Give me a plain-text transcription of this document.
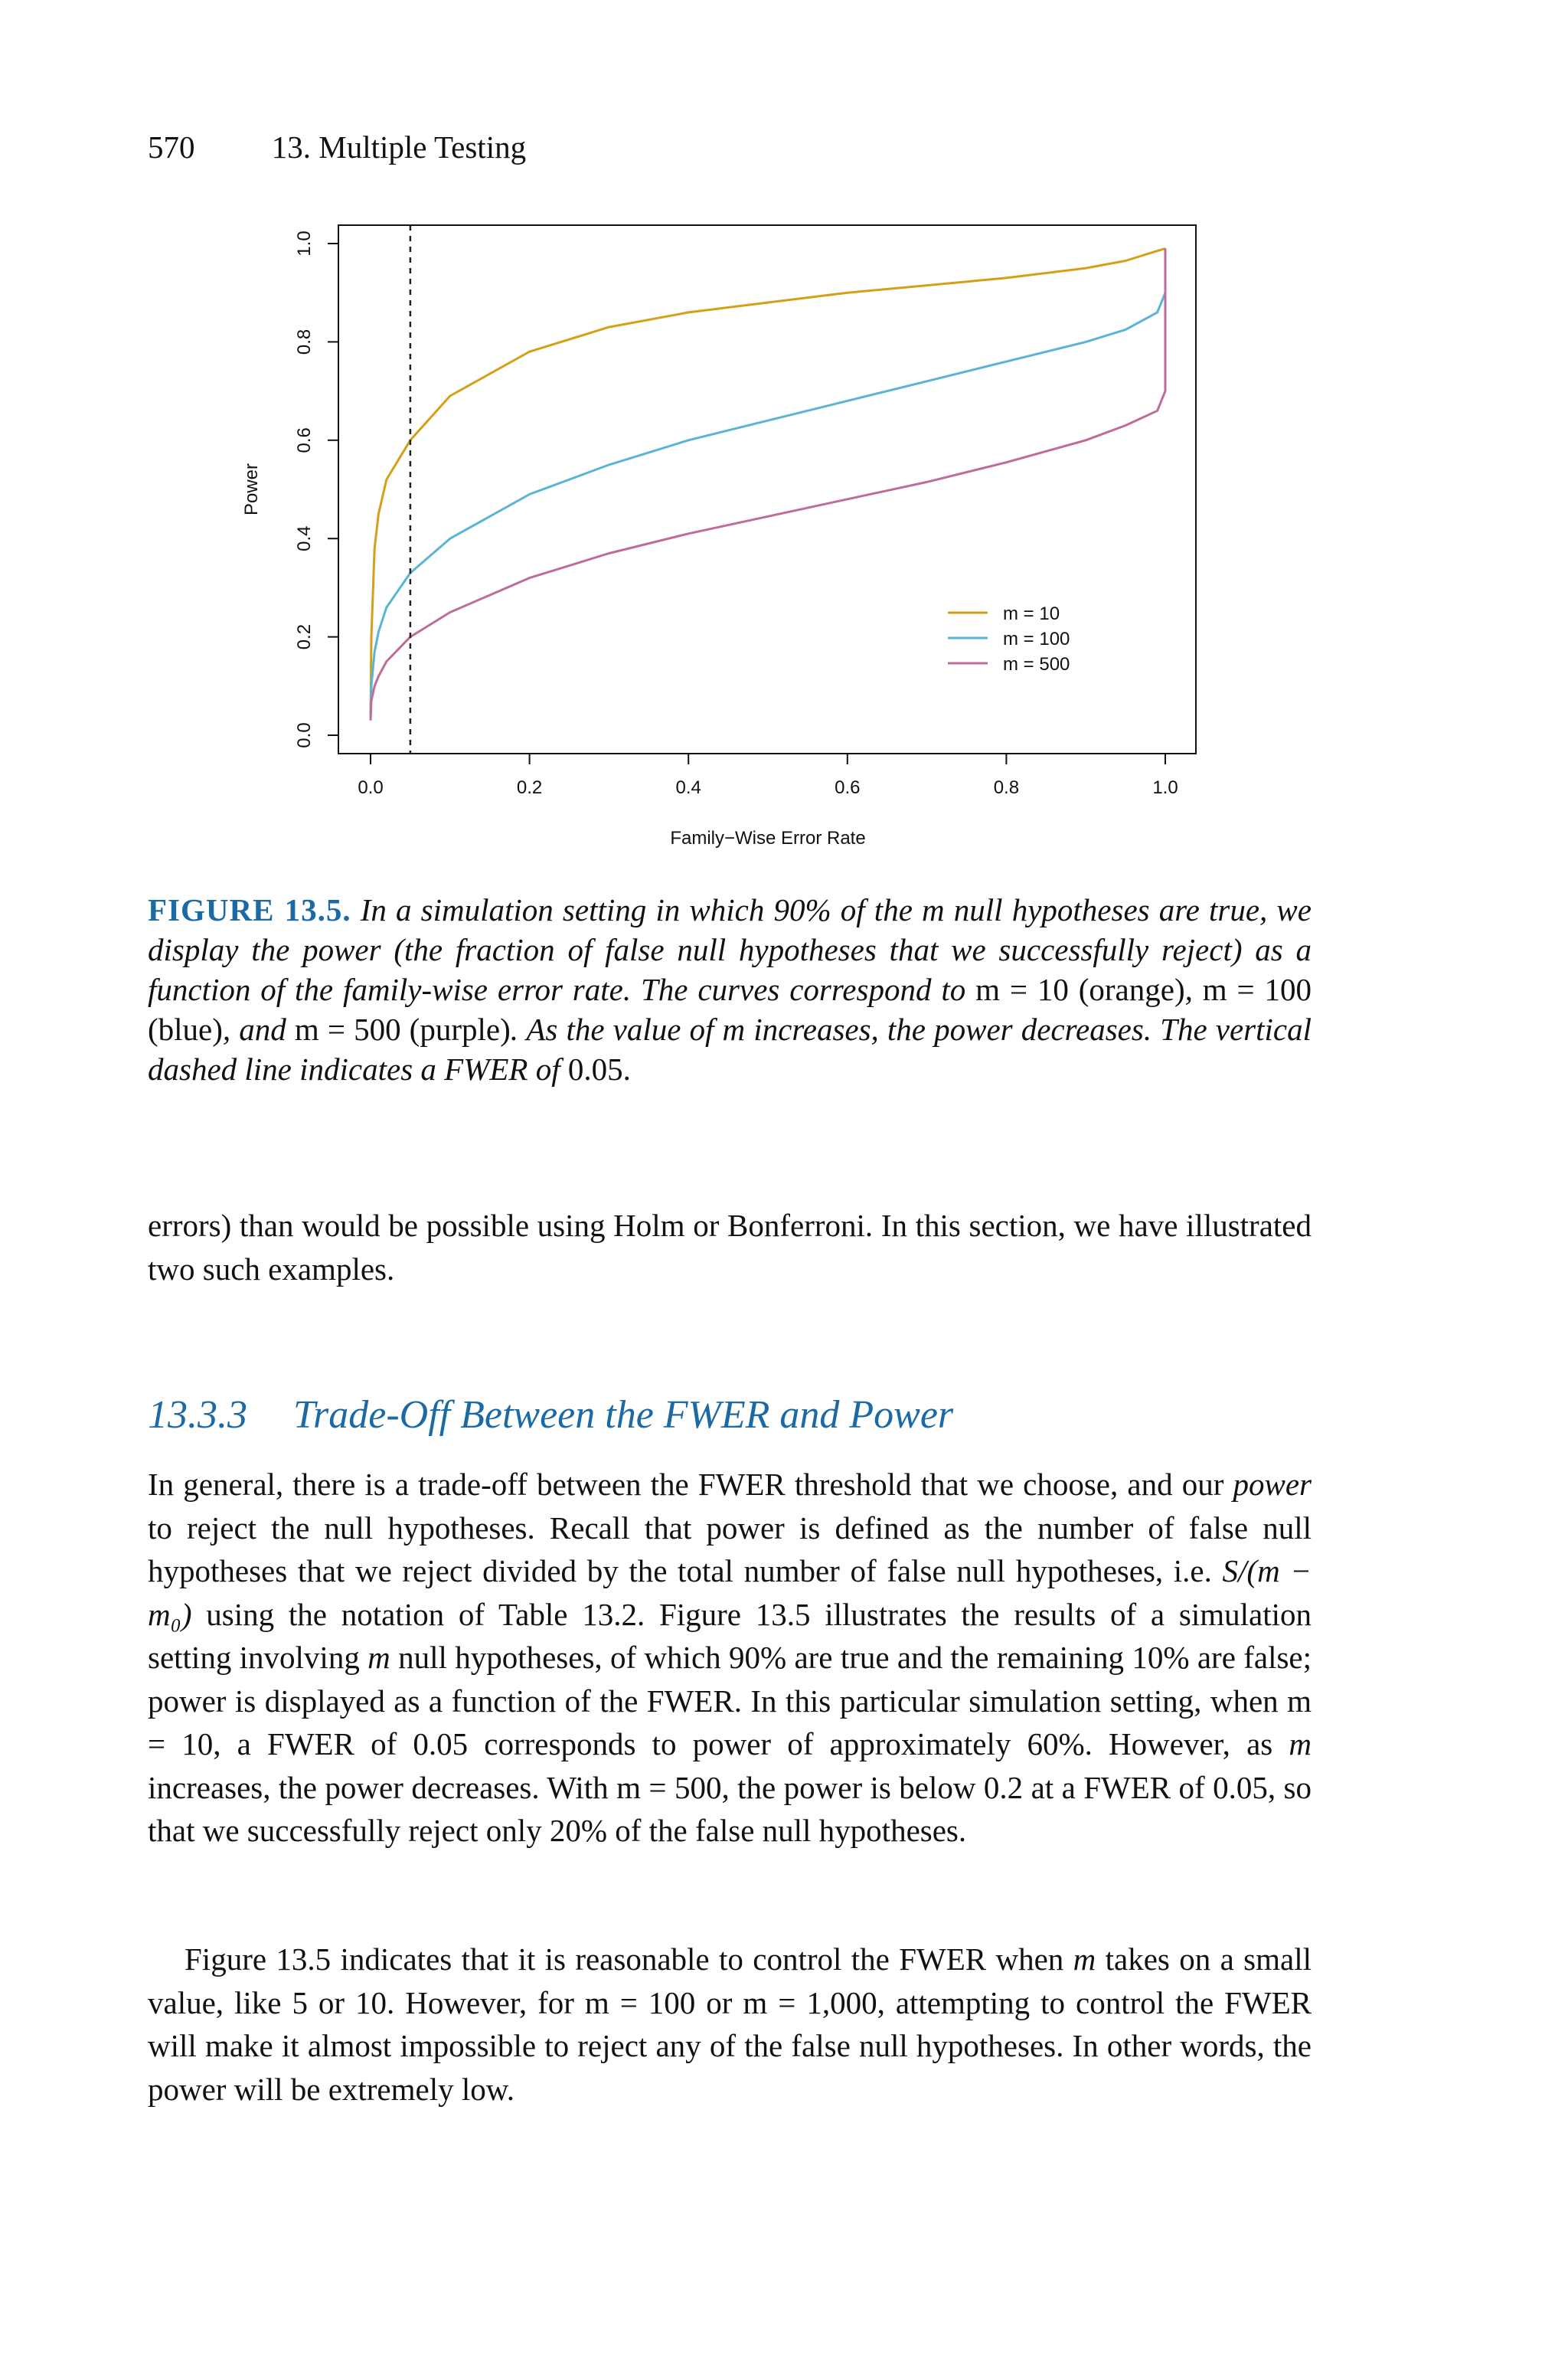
570 13. Multiple Testing
0.0	0.2	0.4	0.6	0.8	1.0
0.0
0.2
0.4
0.6
0.8
1.0
Family−Wise Error Rate
Power
m = 10
m = 100
m = 500
FIGURE 13.5. In a simulation setting in which 90% of the m null hypotheses are true, we display the power (the fraction of false null hypotheses that we successfully reject) as a function of the family-wise error rate. The curves correspond to m = 10 (orange), m = 100 (blue), and m = 500 (purple). As the value of m increases, the power decreases. The vertical dashed line indicates a FWER of 0.05.

errors) than would be possible using Holm or Bonferroni. In this section, we have illustrated two such examples.

13.3.3 Trade-Off Between the FWER and Power

In general, there is a trade-off between the FWER threshold that we choose, and our power to reject the null hypotheses. Recall that power is defined as the number of false null hypotheses that we reject divided by the total number of false null hypotheses, i.e. S/(m − m₀) using the notation of Table 13.2. Figure 13.5 illustrates the results of a simulation setting involving m null hypotheses, of which 90% are true and the remaining 10% are false; power is displayed as a function of the FWER. In this particular simulation setting, when m = 10, a FWER of 0.05 corresponds to power of approximately 60%. However, as m increases, the power decreases. With m = 500, the power is below 0.2 at a FWER of 0.05, so that we successfully reject only 20% of the false null hypotheses.

Figure 13.5 indicates that it is reasonable to control the FWER when m takes on a small value, like 5 or 10. However, for m = 100 or m = 1,000, attempting to control the FWER will make it almost impossible to reject any of the false null hypotheses. In other words, the power will be extremely low.
